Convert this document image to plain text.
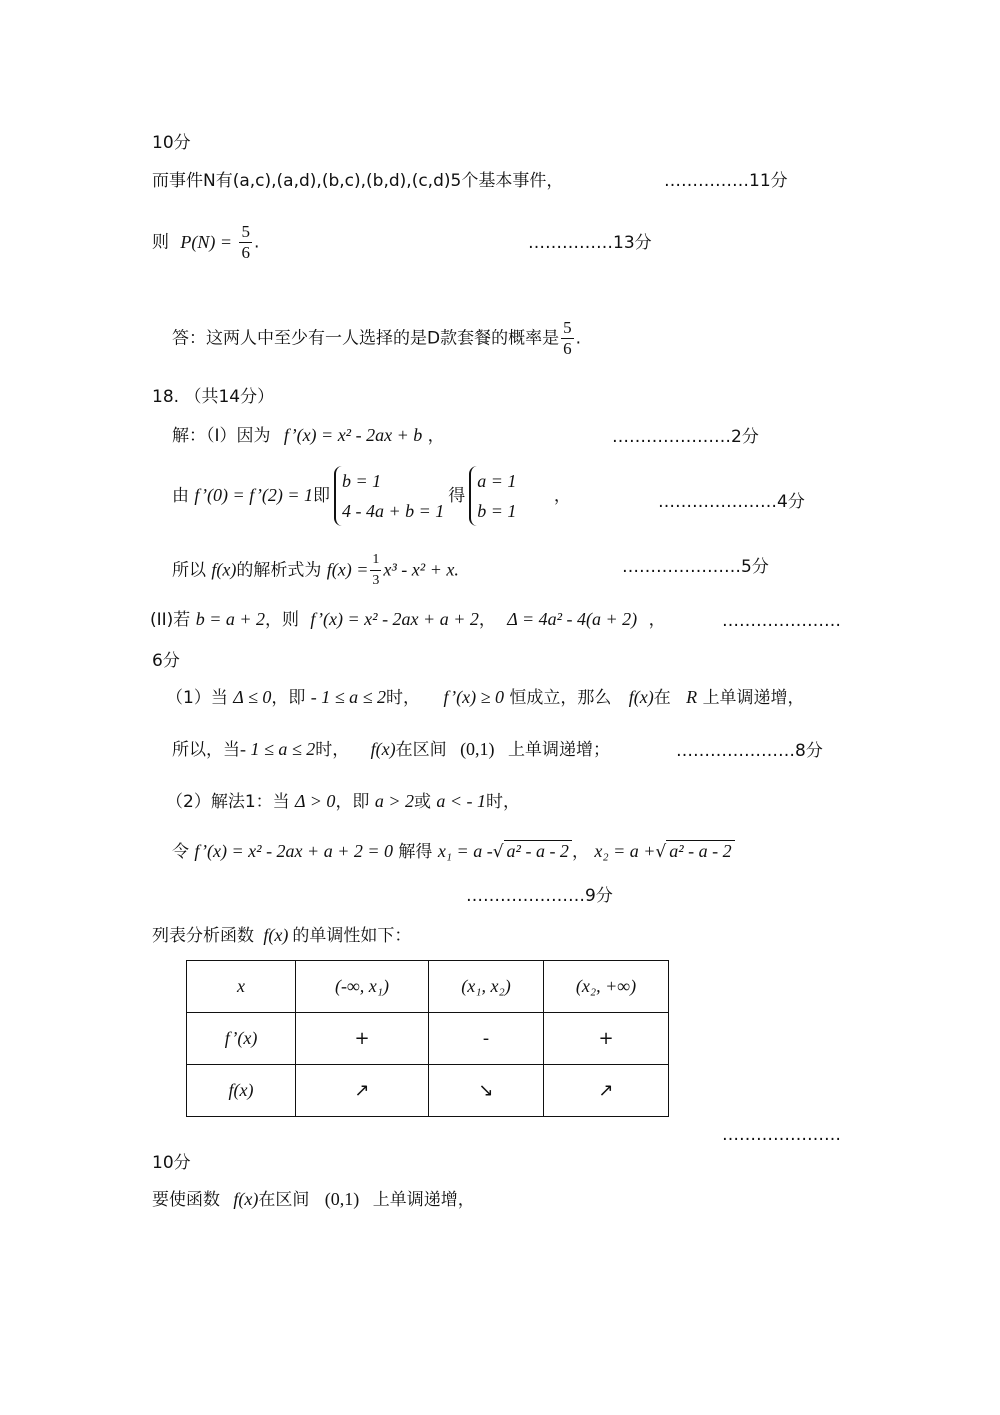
10分
而事件N有(a,c),(a,d),(b,c),(b,d),(c,d)5个基本事件，	……………11分
则 $P(N) = \frac{5}{6}$ .	……………13分
答：这两人中至少有一人选择的是D款套餐的概率是 $\frac{5}{6}$ .
18. （共14分）
解：（Ⅰ）因为 f’(x) = x² - 2ax + b ，	…………………2分
由 f’(0) = f’(2) = 1即
b = 1
4 - 4a + b = 1
得
a = 1
b = 1
，	…………………4分
所以 f(x)的解析式为 $f(x) = \frac{1}{3} x^3 - x^2 + x$.	…………………5分
(II)若 b = a + 2，则 f’(x) = x² - 2ax + a + 2， Δ = 4a² - 4(a + 2) ，	…………………
6分
（1）当 Δ ≤ 0，即 - 1 ≤ a ≤ 2时， f’(x) ≥ 0 恒成立，那么 f(x)在 R 上单调递增，
所以，当- 1 ≤ a ≤ 2时， f(x)在区间 (0,1) 上单调递增；	…………………8分
（2）解法1：当 Δ > 0，即 a > 2或 a < - 1时，
令 f’(x) = x² - 2ax + a + 2 = 0 解得 x₁ = a -√ a² - a - 2 ， x₂ = a +√ a² - a - 2
…………………9分
列表分析函数 f(x) 的单调性如下：
x	(-∞, x₁)	(x₁, x₂)	(x₂, +∞)
f’(x)	+	-	+
f(x)	↗	↘	↗
…………………
10分
要使函数 f(x)在区间 (0,1) 上单调递增，
